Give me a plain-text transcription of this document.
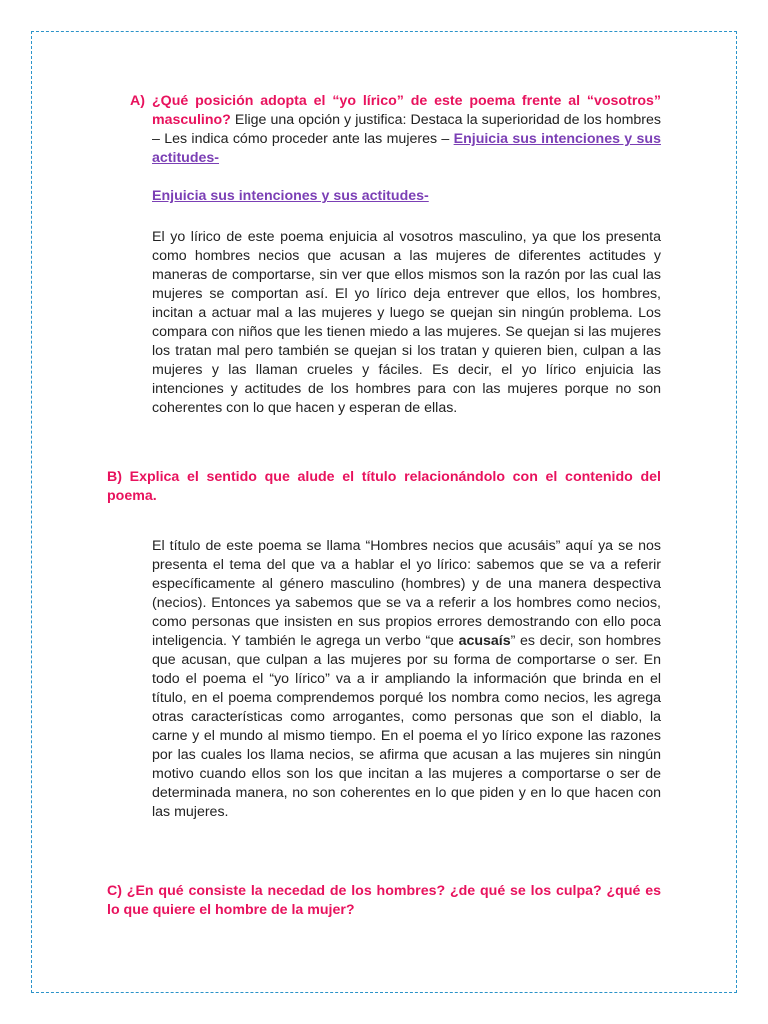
A) ¿Qué posición adopta el “yo lírico” de este poema frente al “vosotros” masculino? Elige una opción y justifica: Destaca la superioridad de los hombres – Les indica cómo proceder ante las mujeres – Enjuicia sus intenciones y sus actitudes-
Enjuicia sus intenciones y sus actitudes-

El yo lírico de este poema enjuicia al vosotros masculino, ya que los presenta como hombres necios que acusan a las mujeres de diferentes actitudes y maneras de comportarse, sin ver que ellos mismos son la razón por las cual las mujeres se comportan así. El yo lírico deja entrever que ellos, los hombres, incitan a actuar mal a las mujeres y luego se quejan sin ningún problema. Los compara con niños que les tienen miedo a las mujeres. Se quejan si las mujeres los tratan mal pero también se quejan si los tratan y quieren bien, culpan a las mujeres y las llaman crueles y fáciles. Es decir, el yo lírico enjuicia las intenciones y actitudes de los hombres para con las mujeres porque no son coherentes con lo que hacen y esperan de ellas.

B) Explica el sentido que alude el título relacionándolo con el contenido del poema.

El título de este poema se llama “Hombres necios que acusáis” aquí ya se nos presenta el tema del que va a hablar el yo lírico: sabemos que se va a referir específicamente al género masculino (hombres) y de una manera despectiva (necios). Entonces ya sabemos que se va a referir a los hombres como necios, como personas que insisten en sus propios errores demostrando con ello poca inteligencia. Y también le agrega un verbo “que acusaís” es decir, son hombres que acusan, que culpan a las mujeres por su forma de comportarse o ser. En todo el poema el “yo lírico” va a ir ampliando la información que brinda en el título, en el poema comprendemos porqué los nombra como necios, les agrega otras características como arrogantes, como personas que son el diablo, la carne y el mundo al mismo tiempo. En el poema el yo lírico expone las razones por las cuales los llama necios, se afirma que acusan a las mujeres sin ningún motivo cuando ellos son los que incitan a las mujeres a comportarse o ser de determinada manera, no son coherentes en lo que piden y en lo que hacen con las mujeres.

C) ¿En qué consiste la necedad de los hombres? ¿de qué se los culpa? ¿qué es lo que quiere el hombre de la mujer?
